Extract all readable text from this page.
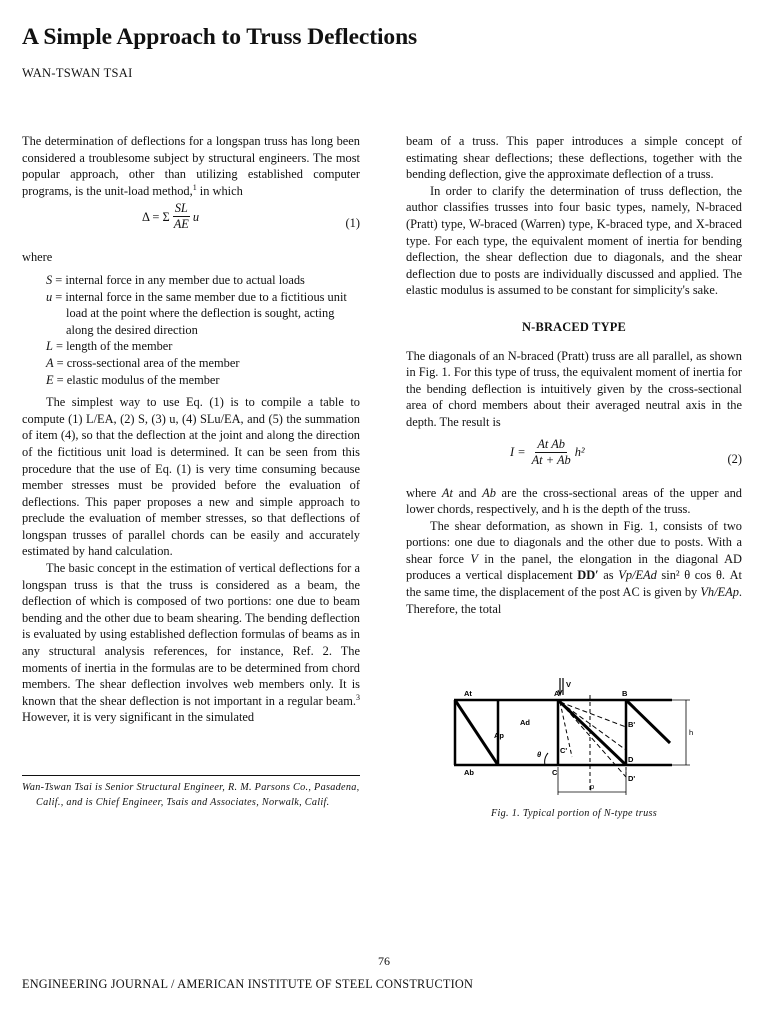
A Simple Approach to Truss Deflections
WAN-TSWAN TSAI

The determination of deflections for a longspan truss has long been considered a troublesome subject by structural engineers. The most popular approach, other than utilizing established computer programs, is the unit-load method,$^1$ in which

Δ = Σ $\frac{SL}{AE}$ u	(1)

where

S = internal force in any member due to actual loads
u = internal force in the same member due to a fictitious unit load at the point where the deflection is sought, acting along the desired direction
L = length of the member
A = cross-sectional area of the member
E = elastic modulus of the member

The simplest way to use Eq. (1) is to compile a table to compute (1) L/EA, (2) S, (3) u, (4) SLu/EA, and (5) the summation of item (4), so that the deflection at the joint and along the direction of the fictitious unit load is determined. It can be seen from this procedure that the use of Eq. (1) is very time consuming because member stresses must be provided before the evaluation of deflections. This paper proposes a new and simple approach to preclude the evaluation of member stresses, so that deflections of longspan trusses of parallel chords can be easily and accurately estimated by hand calculation.

The basic concept in the estimation of vertical deflections for a longspan truss is that the truss is considered as a beam, the deflection of which is composed of two portions: one due to beam bending and the other due to beam shearing. The bending deflection is evaluated by using established deflection formulas of beams as in any structural analysis references, for instance, Ref. 2. The moments of inertia in the formulas are to be determined from chord members. The shear deflection involves web members only. It is known that the shear deflection is not important in a regular beam.$^3$ However, it is very significant in the simulated

Wan-Tswan Tsai is Senior Structural Engineer, R. M. Parsons Co., Pasadena, Calif., and is Chief Engineer, Tsais and Associates, Norwalk, Calif.

beam of a truss. This paper introduces a simple concept of estimating shear deflections; these deflections, together with the bending deflection, give the approximate deflection of a truss.

In order to clarify the determination of truss deflection, the author classifies trusses into four basic types, namely, N-braced (Pratt) type, W-braced (Warren) type, K-braced type, and X-braced type. For each type, the equivalent moment of inertia for bending deflection, the shear deflection due to diagonals, and the shear deflection due to posts are individually discussed and applied. The elastic modulus is assumed to be constant for simplicity's sake.

N-BRACED TYPE

The diagonals of an N-braced (Pratt) truss are all parallel, as shown in Fig. 1. For this type of truss, the equivalent moment of inertia for the bending deflection is intuitively given by the cross-sectional area of chord members about their averaged neutral axis in the depth. The result is

$I = \frac{\text{At Ab}}{At + Ab} h^2$	(2)

where At and Ab are the cross-sectional areas of the upper and lower chords, respectively, and h is the depth of the truss.

The shear deformation, as shown in Fig. 1, consists of two portions: one due to diagonals and the other due to posts. With a shear force V in the panel, the elongation in the diagonal AD produces a vertical displacement DD′ as Vp/EAd sin² θ cos θ. At the same time, the displacement of the post AC is given by Vh/EAp. Therefore, the total

At
Ab
A	B
C
D
B'
C'
D'
Ad
Ap
θ
V
h
p
Fig. 1. Typical portion of N-type truss
76
ENGINEERING JOURNAL / AMERICAN INSTITUTE OF STEEL CONSTRUCTION
